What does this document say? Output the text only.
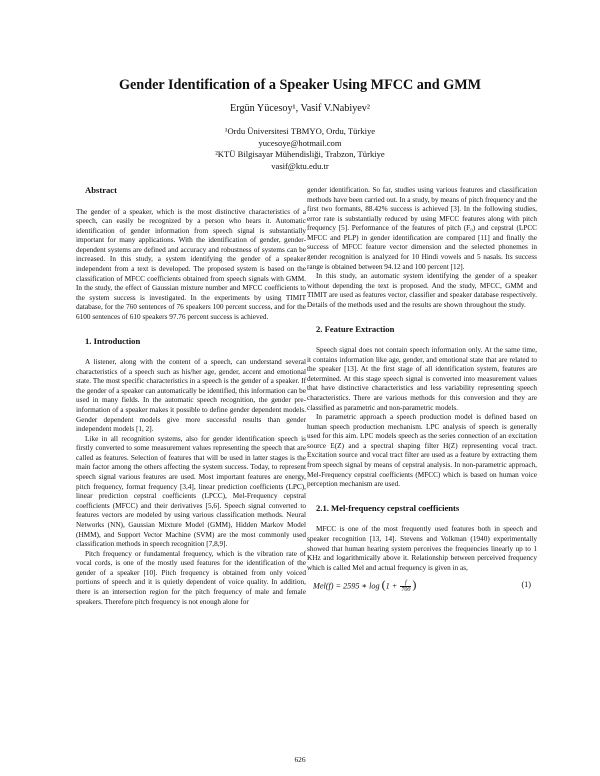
Gender Identification of a Speaker Using MFCC and GMM
Ergün Yücesoy¹, Vasif V.Nabiyev²
¹Ordu Üniversitesi TBMYO, Ordu, Türkiye
yucesoye@hotmail.com
²KTÜ Bilgisayar Mühendisliği, Trabzon, Türkiye
vasif@ktu.edu.tr

Abstract

The gender of a speaker, which is the most distinctive characteristics of a speech, can easily be recognized by a person who hears it. Automatic identification of gender information from speech signal is substantially important for many applications. With the identification of gender, gender-dependent systems are defined and accuracy and robustness of systems can be increased. In this study, a system identifying the gender of a speaker independent from a text is developed. The proposed system is based on the classification of MFCC coefficients obtained from speech signals with GMM. In the study, the effect of Gaussian mixture number and MFCC coefficients to the system success is investigated. In the experiments by using TIMIT database, for the 760 sentences of 76 speakers 100 percent success, and for the 6100 sentences of 610 speakers 97.76 percent success is achieved.

1. Introduction

A listener, along with the content of a speech, can understand several characteristics of a speech such as his/her age, gender, accent and emotional state. The most specific characteristics in a speech is the gender of a speaker. If the gender of a speaker can automatically be identified, this information can be used in many fields. In the automatic speech recognition, the gender pre-information of a speaker makes it possible to define gender dependent models. Gender dependent models give more successful results than gender independent models [1, 2].

Like in all recognition systems, also for gender identification speech is firstly converted to some measurement values representing the speech that are called as features. Selection of features that will be used in latter stages is the main factor among the others affecting the system success. Today, to represent speech signal various features are used. Most important features are energy, pitch frequency, format frequency [3,4], linear prediction coefficients (LPC), linear prediction cepstral coefficients (LPCC), Mel-Frequency cepstral coefficients (MFCC) and their derivatives [5,6]. Speech signal converted to features vectors are modeled by using various classification methods. Neural Networks (NN), Gaussian Mixture Model (GMM), Hidden Markov Model (HMM), and Support Vector Machine (SVM) are the most commonly used classification methods in speech recognition [7,8,9].

Pitch frequency or fundamental frequency, which is the vibration rate of vocal cords, is one of the mostly used features for the identification of the gender of a speaker [10]. Pitch frequency is obtained from only voiced portions of speech and it is quietly dependent of voice quality. In addition, there is an intersection region for the pitch frequency of male and female speakers. Therefore pitch frequency is not enough alone for

gender identification. So far, studies using various features and classification methods have been carried out. In a study, by means of pitch frequency and the first two formants, 88.42% success is achieved [3]. In the following studies, error rate is substantially reduced by using MFCC features along with pitch frequency [5]. Performance of the features of pitch (F₀) and cepstral (LPCC MFCC and PLP) in gender identification are compared [11] and finally the success of MFCC feature vector dimension and the selected phonemes in gender recognition is analyzed for 10 Hindi vowels and 5 nasals. Its success range is obtained between 94.12 and 100 percent [12].

In this study, an automatic system identifying the gender of a speaker without depending the text is proposed. And the study, MFCC, GMM and TIMIT are used as features vector, classifier and speaker database respectively. Details of the methods used and the results are shown throughout the study.

2. Feature Extraction

Speech signal does not contain speech information only. At the same time, it contains information like age, gender, and emotional state that are related to the speaker [13]. At the first stage of all identification system, features are determined. At this stage speech signal is converted into measurement values that have distinctive characteristics and less variability representing speech characteristics. There are various methods for this conversion and they are classified as parametric and non-parametric models.

In parametric approach a speech production model is defined based on human speech production mechanism. LPC analysis of speech is generally used for this aim. LPC models speech as the series connection of an excitation source E(Z) and a spectral shaping filter H(Z) representing vocal tract. Excitation source and vocal tract filter are used as a feature by extracting them from speech signal by means of cepstral analysis. In non-parametric approach, Mel-Frequency cepstral coefficients (MFCC) which is based on human voice perception mechanism are used.

2.1. Mel-frequency cepstral coefficients

MFCC is one of the most frequently used features both in speech and speaker recognition [13, 14]. Stevens and Volkman (1940) experimentally showed that human hearing system perceives the frequencies linearly up to 1 KHz and logarithmically above it. Relationship between perceived frequency which is called Mel and actual frequency is given in as,

Mel(f) = 2595 ∗ $\log (1 + \frac{f}{700}$ )	(1)
626
